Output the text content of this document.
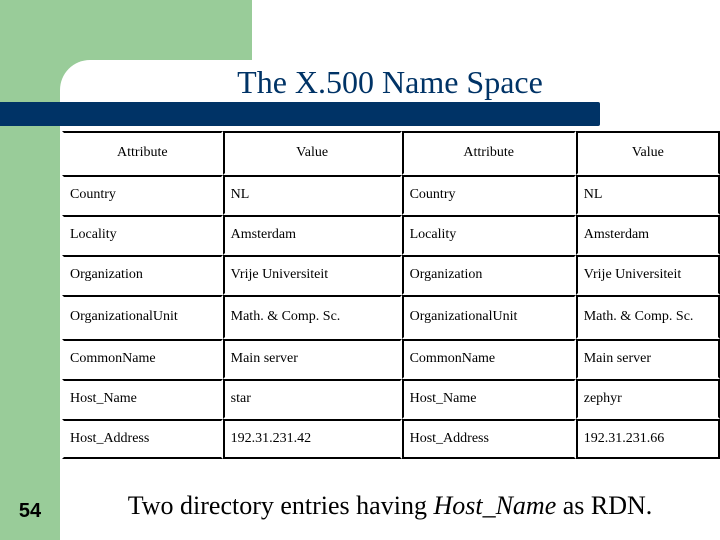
The X.500 Name Space
Attribute	Value	Attribute	Value
Country	NL	Country	NL
Locality	Amsterdam	Locality	Amsterdam
Organization	Vrije Universiteit	Organization	Vrije Universiteit
OrganizationalUnit	Math. & Comp. Sc.	OrganizationalUnit	Math. & Comp. Sc.
CommonName	Main server	CommonName	Main server
Host_Name	star	Host_Name	zephyr
Host_Address	192.31.231.42	Host_Address	192.31.231.66
Two directory entries having Host_Name as RDN.
54
